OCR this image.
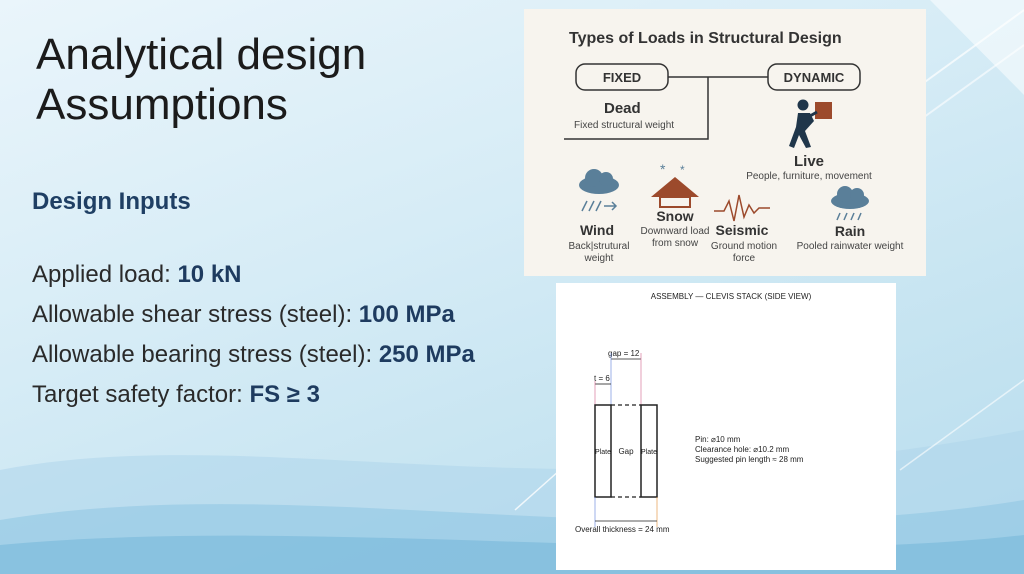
Analytical design
Assumptions
Design Inputs

Applied load: 10 kN

Allowable shear stress (steel): 100 MPa

Allowable bearing stress (steel): 250 MPa

Target safety factor: FS ≥ 3

Types of Loads in Structural Design
FIXED	DYNAMIC
Dead
Fixed structural weight
Live
People, furniture, movement
Wind
Back|strutural
weight
* *
Snow
Downward load
from snow
Seismic
Ground motion
force
Rain
Pooled rainwater weight
ASSEMBLY — CLEVIS STACK (SIDE VIEW)
gap = 12
t = 6
Plate Gap Plate
Pin: ⌀10 mm
Clearance hole: ⌀10.2 mm
Suggested pin length ≈ 28 mm
Overall thickness = 24 mm
